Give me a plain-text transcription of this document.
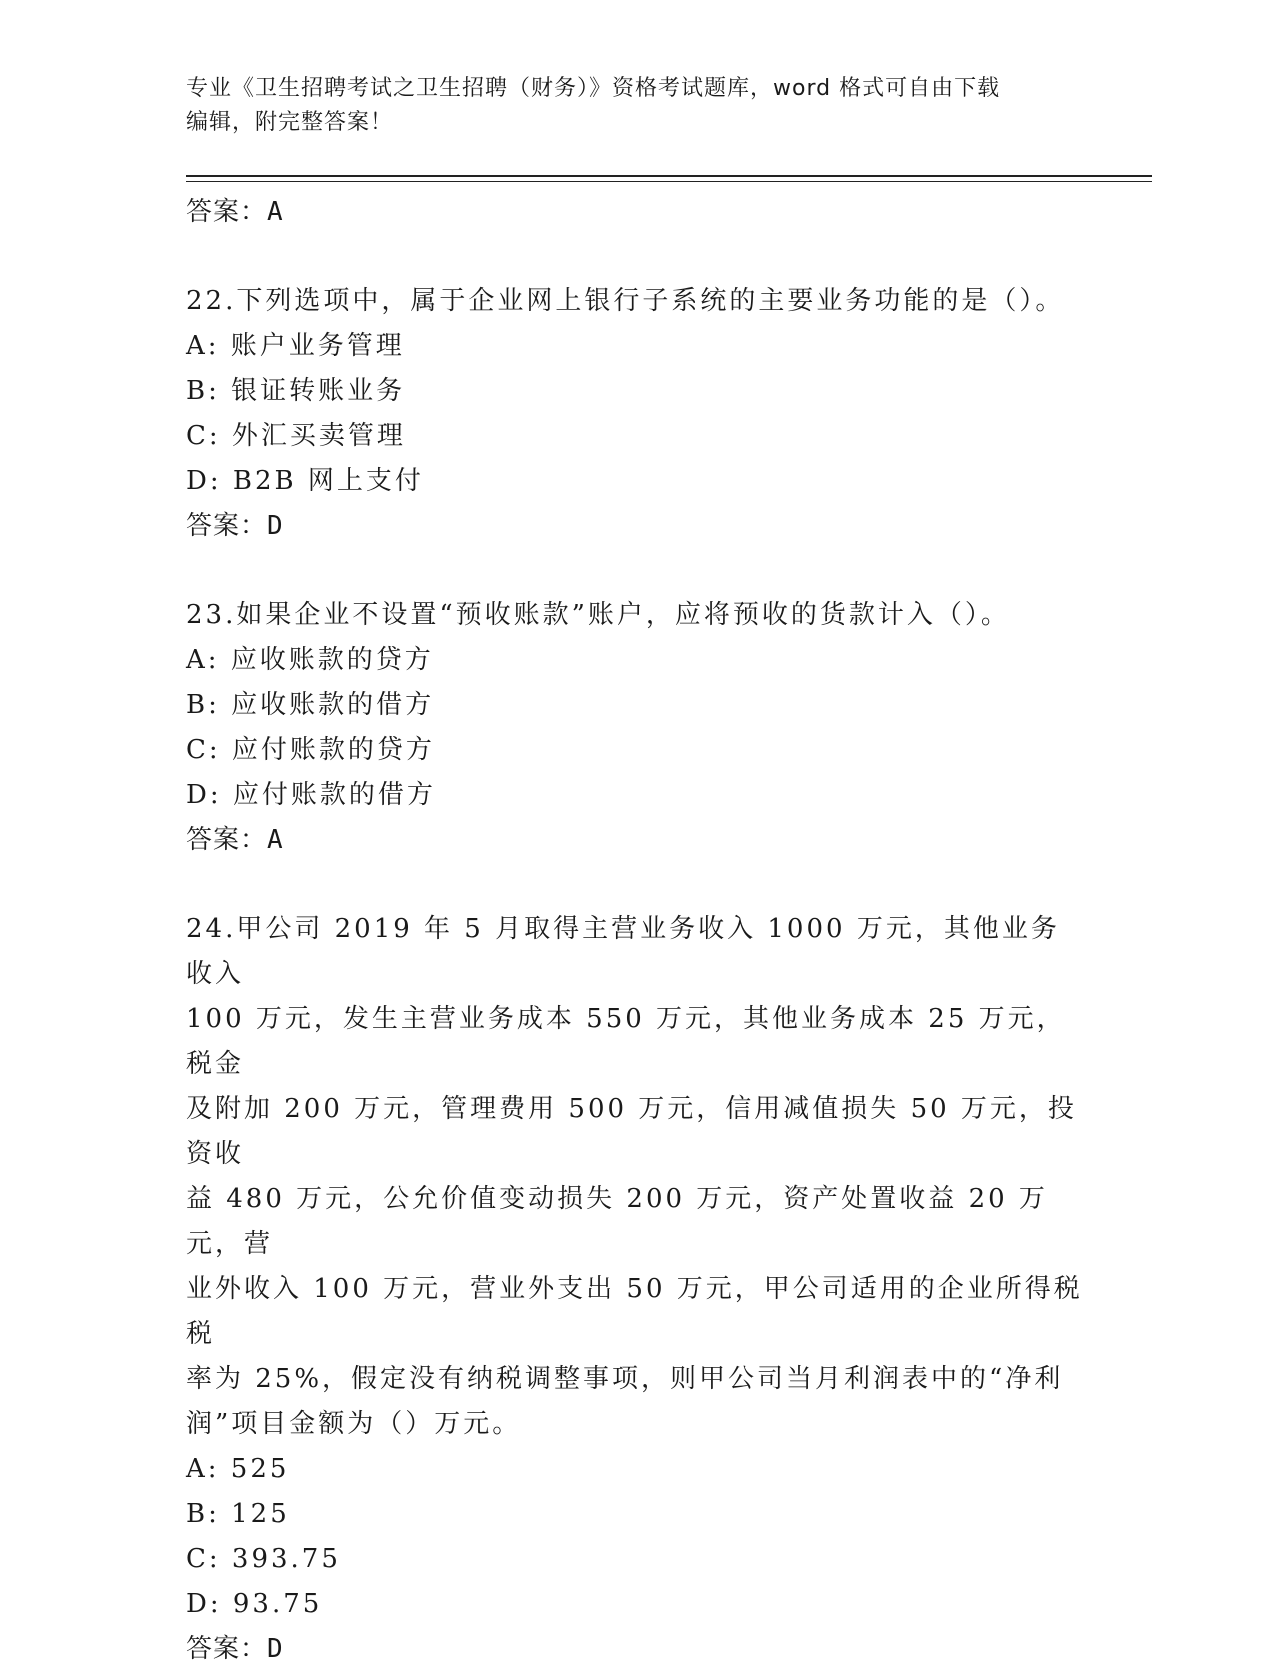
专业《卫生招聘考试之卫生招聘（财务）》资格考试题库，word 格式可自由下载
编辑，附完整答案！
答案：A

22.下列选项中，属于企业网上银行子系统的主要业务功能的是（）。

A: 账户业务管理

B: 银证转账业务

C: 外汇买卖管理

D: B2B 网上支付

答案：D

23.如果企业不设置“预收账款”账户，应将预收的货款计入（）。

A: 应收账款的贷方

B: 应收账款的借方

C: 应付账款的贷方

D: 应付账款的借方

答案：A

24.甲公司 2019 年 5 月取得主营业务收入 1000 万元，其他业务收入

100 万元，发生主营业务成本 550 万元，其他业务成本 25 万元，税金

及附加 200 万元，管理费用 500 万元，信用减值损失 50 万元，投资收

益 480 万元，公允价值变动损失 200 万元，资产处置收益 20 万元，营

业外收入 100 万元，营业外支出 50 万元，甲公司适用的企业所得税税

率为 25%，假定没有纳税调整事项，则甲公司当月利润表中的“净利

润”项目金额为（）万元。

A: 525

B: 125

C: 393.75

D: 93.75

答案：D
